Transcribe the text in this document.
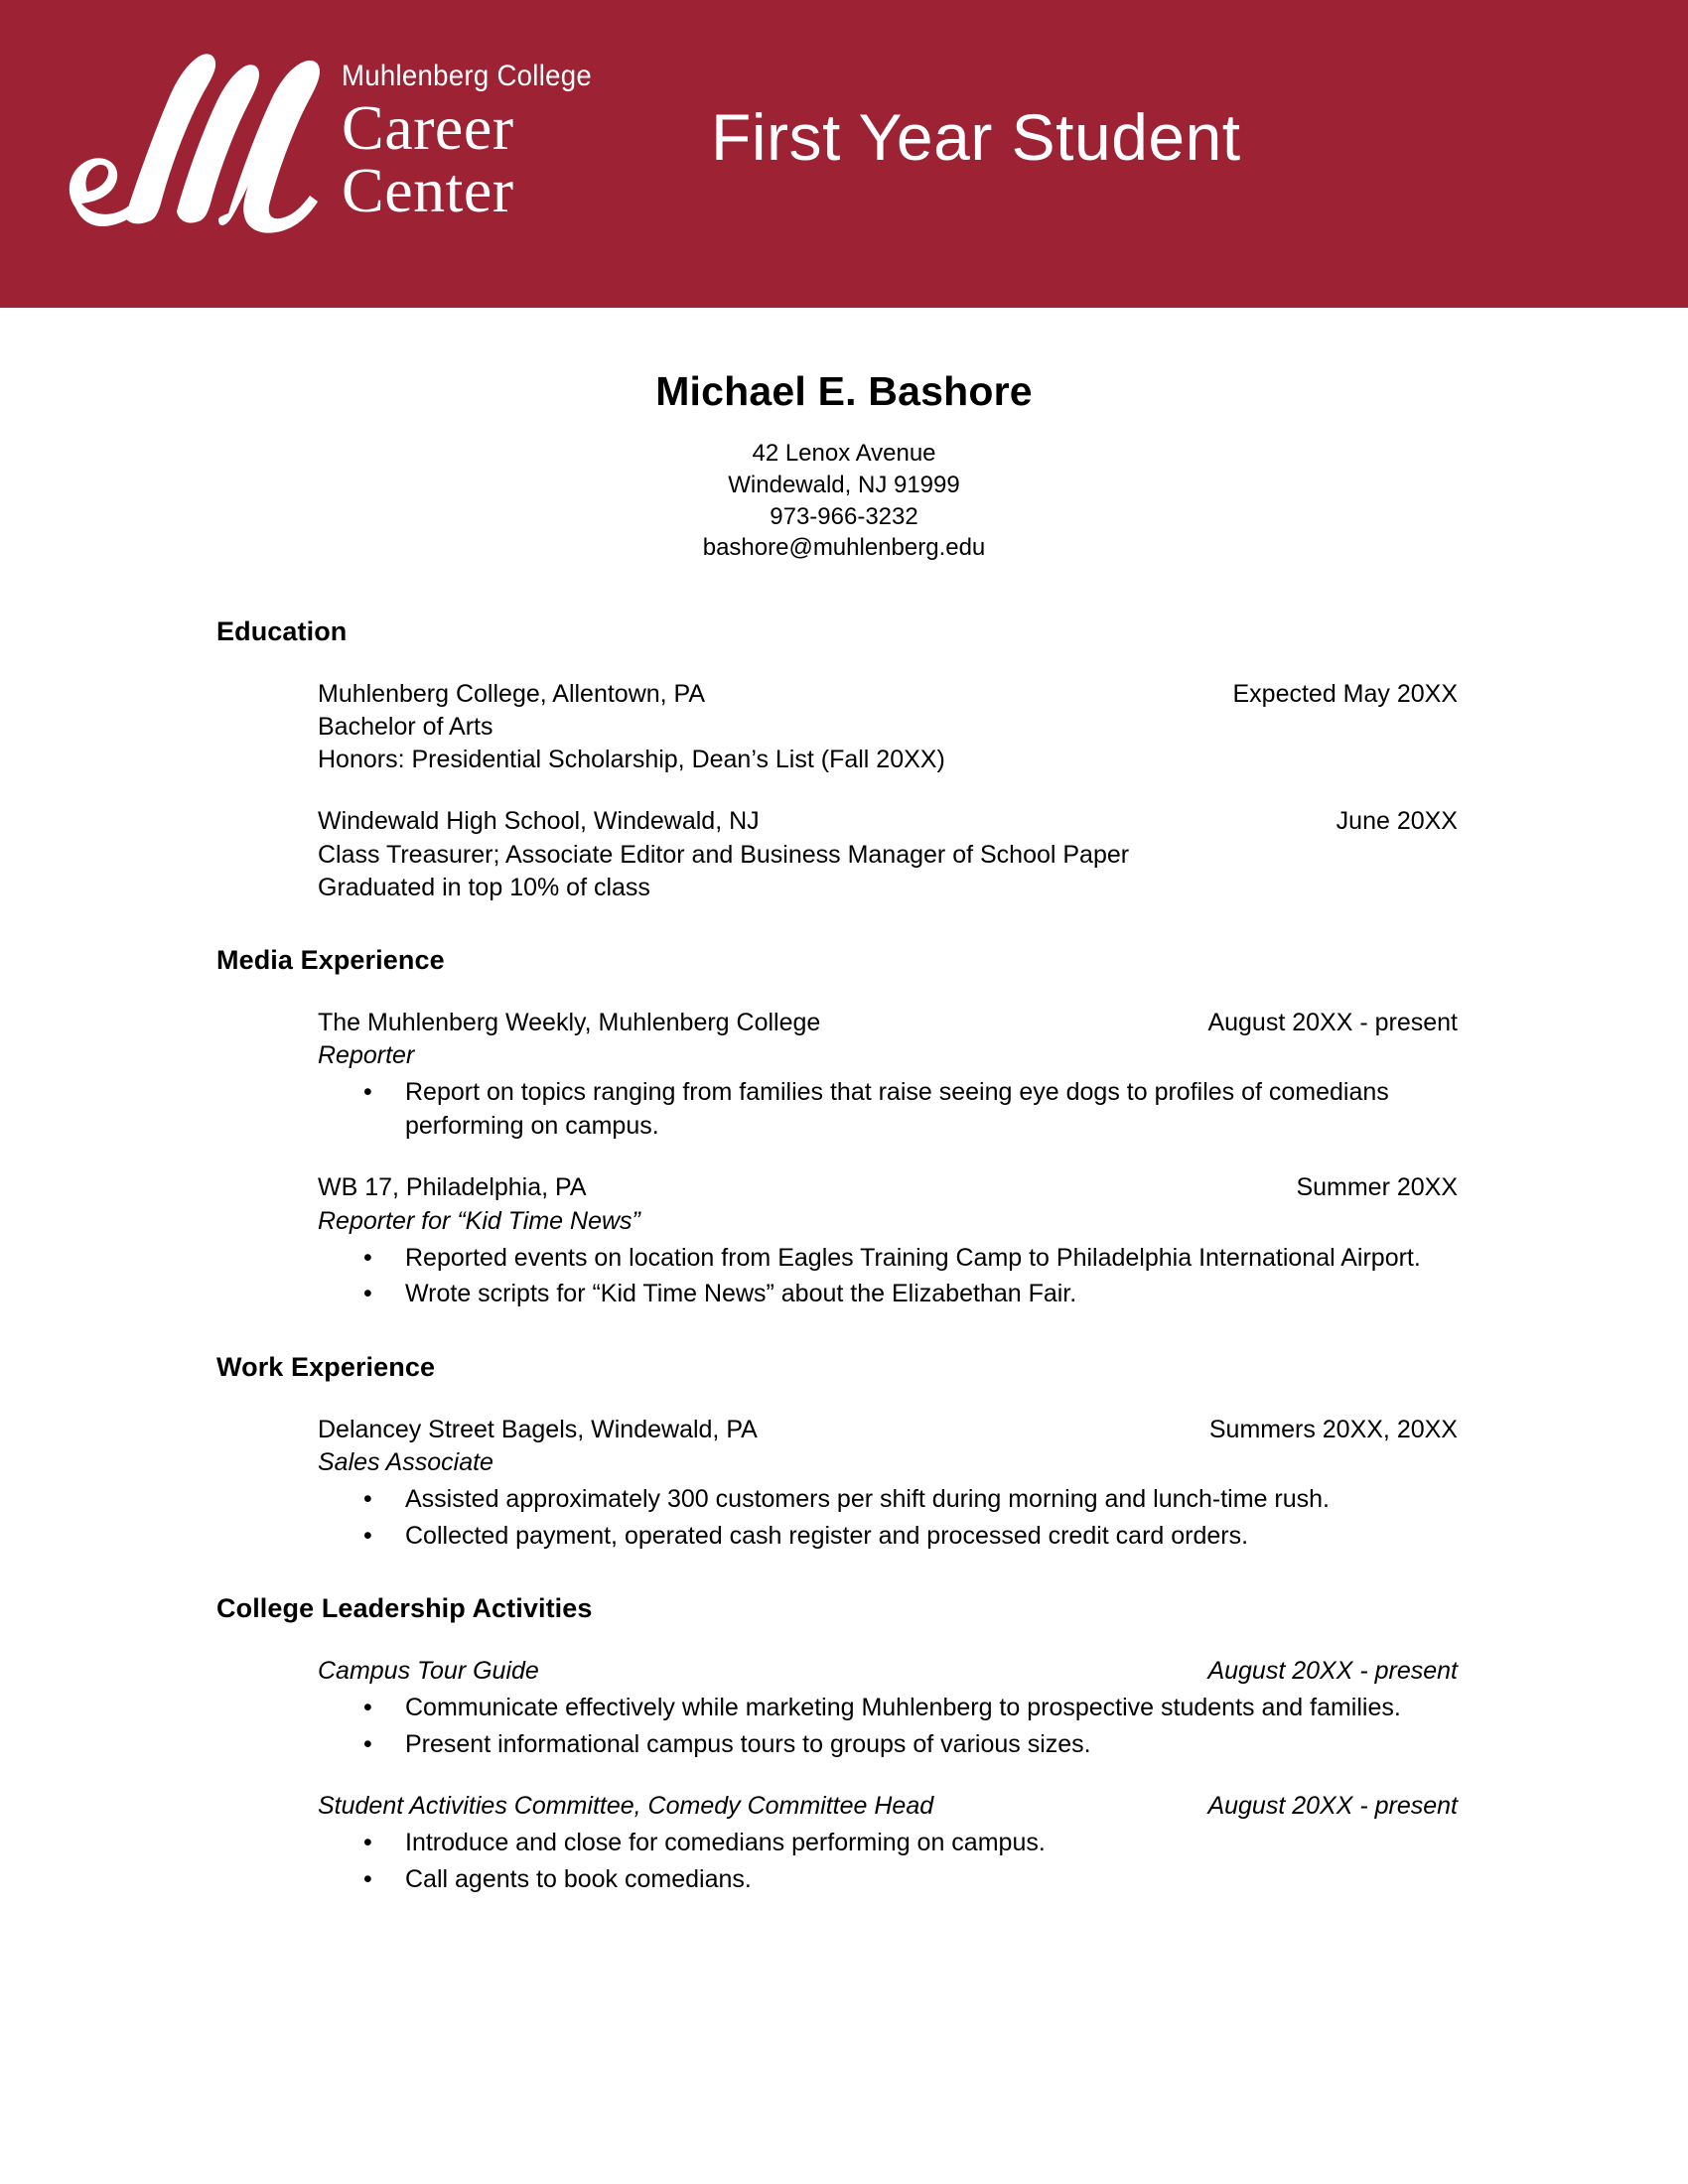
Muhlenberg College
Career
Center
First Year Student
Michael E. Bashore
42 Lenox Avenue
Windewald, NJ 91999
973-966-3232
bashore@muhlenberg.edu
Education
Muhlenberg College, Allentown, PA	Expected May 20XX
Bachelor of Arts
Honors: Presidential Scholarship, Dean’s List (Fall 20XX)
Windewald High School, Windewald, NJ	June 20XX
Class Treasurer; Associate Editor and Business Manager of School Paper
Graduated in top 10% of class
Media Experience
The Muhlenberg Weekly, Muhlenberg College	August 20XX - present
Reporter
• Report on topics ranging from families that raise seeing eye dogs to profiles of comedians performing on campus.
WB 17, Philadelphia, PA	Summer 20XX
Reporter for “Kid Time News”
• Reported events on location from Eagles Training Camp to Philadelphia International Airport.
• Wrote scripts for “Kid Time News” about the Elizabethan Fair.
Work Experience
Delancey Street Bagels, Windewald, PA	Summers 20XX, 20XX
Sales Associate
• Assisted approximately 300 customers per shift during morning and lunch-time rush.
• Collected payment, operated cash register and processed credit card orders.
College Leadership Activities
Campus Tour Guide	August 20XX - present
• Communicate effectively while marketing Muhlenberg to prospective students and families.
• Present informational campus tours to groups of various sizes.
Student Activities Committee, Comedy Committee Head	August 20XX - present
• Introduce and close for comedians performing on campus.
• Call agents to book comedians.
